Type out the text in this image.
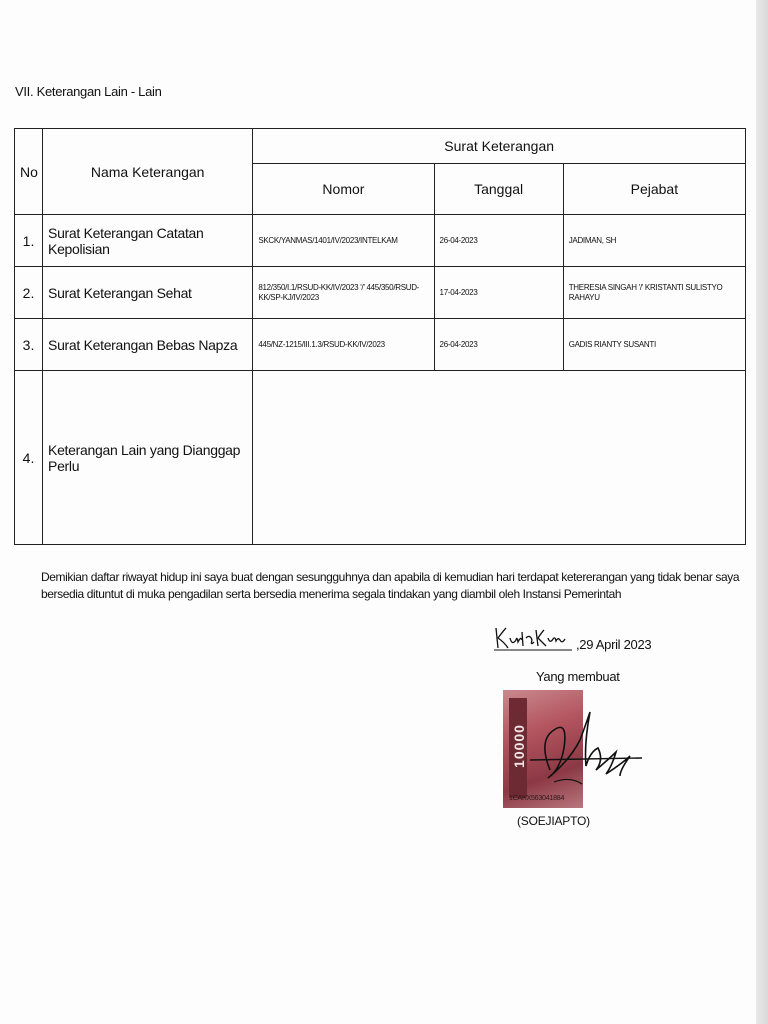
VII. Keterangan Lain - Lain
No	Nama Keterangan	Surat Keterangan		
		Nomor	Tanggal	Pejabat
1.	Surat Keterangan Catatan Kepolisian	SKCK/YANMAS/1401/IV/2023/INTELKAM	26-04-2023	JADIMAN, SH
2.	Surat Keterangan Sehat	812/350/I.1/RSUD-KK/IV/2023 '/' 445/350/RSUD-KK/SP-KJ/IV/2023	17-04-2023	THERESIA SINGAH '/' KRISTANTI SULISTYO RAHAYU
3.	Surat Keterangan Bebas Napza	445/NZ-1215/III.1.3/RSUD-KK/IV/2023	26-04-2023	GADIS RIANTY SUSANTI
4.	Keterangan Lain yang Dianggap Perlu			
Demikian daftar riwayat hidup ini saya buat dengan sesungguhnya dan apabila di kemudian hari terdapat ketererangan yang tidak benar saya bersedia dituntut di muka pengadilan serta bersedia menerima segala tindakan yang diambil oleh Instansi Pemerintah
,29 April 2023
Yang membuat
10000
1CAKX563041884
(SOEJIAPTO)
